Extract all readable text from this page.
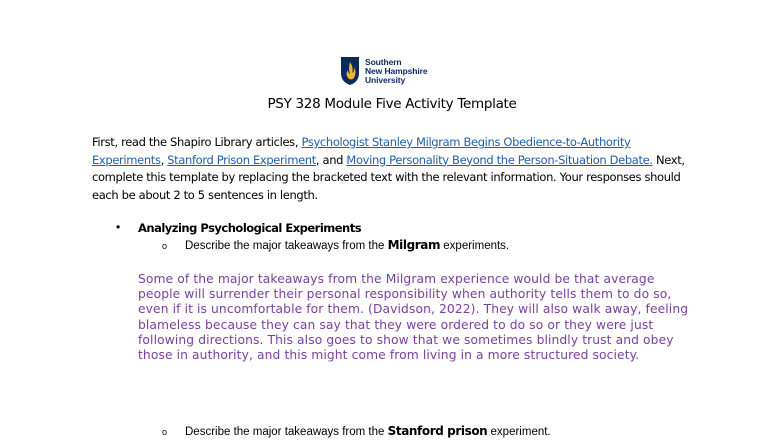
Southern
New Hampshire
University
PSY 328 Module Five Activity Template
First, read the Shapiro Library articles, Psychologist Stanley Milgram Begins Obedience-to-Authority Experiments, Stanford Prison Experiment, and Moving Personality Beyond the Person-Situation Debate. Next, complete this template by replacing the bracketed text with the relevant information. Your responses should each be about 2 to 5 sentences in length.
• Analyzing Psychological Experiments
o Describe the major takeaways from the Milgram experiments.
Some of the major takeaways from the Milgram experience would be that average people will surrender their personal responsibility when authority tells them to do so, even if it is uncomfortable for them. (Davidson, 2022). They will also walk away, feeling blameless because they can say that they were ordered to do so or they were just following directions. This also goes to show that we sometimes blindly trust and obey those in authority, and this might come from living in a more structured society.
o Describe the major takeaways from the Stanford prison experiment.
